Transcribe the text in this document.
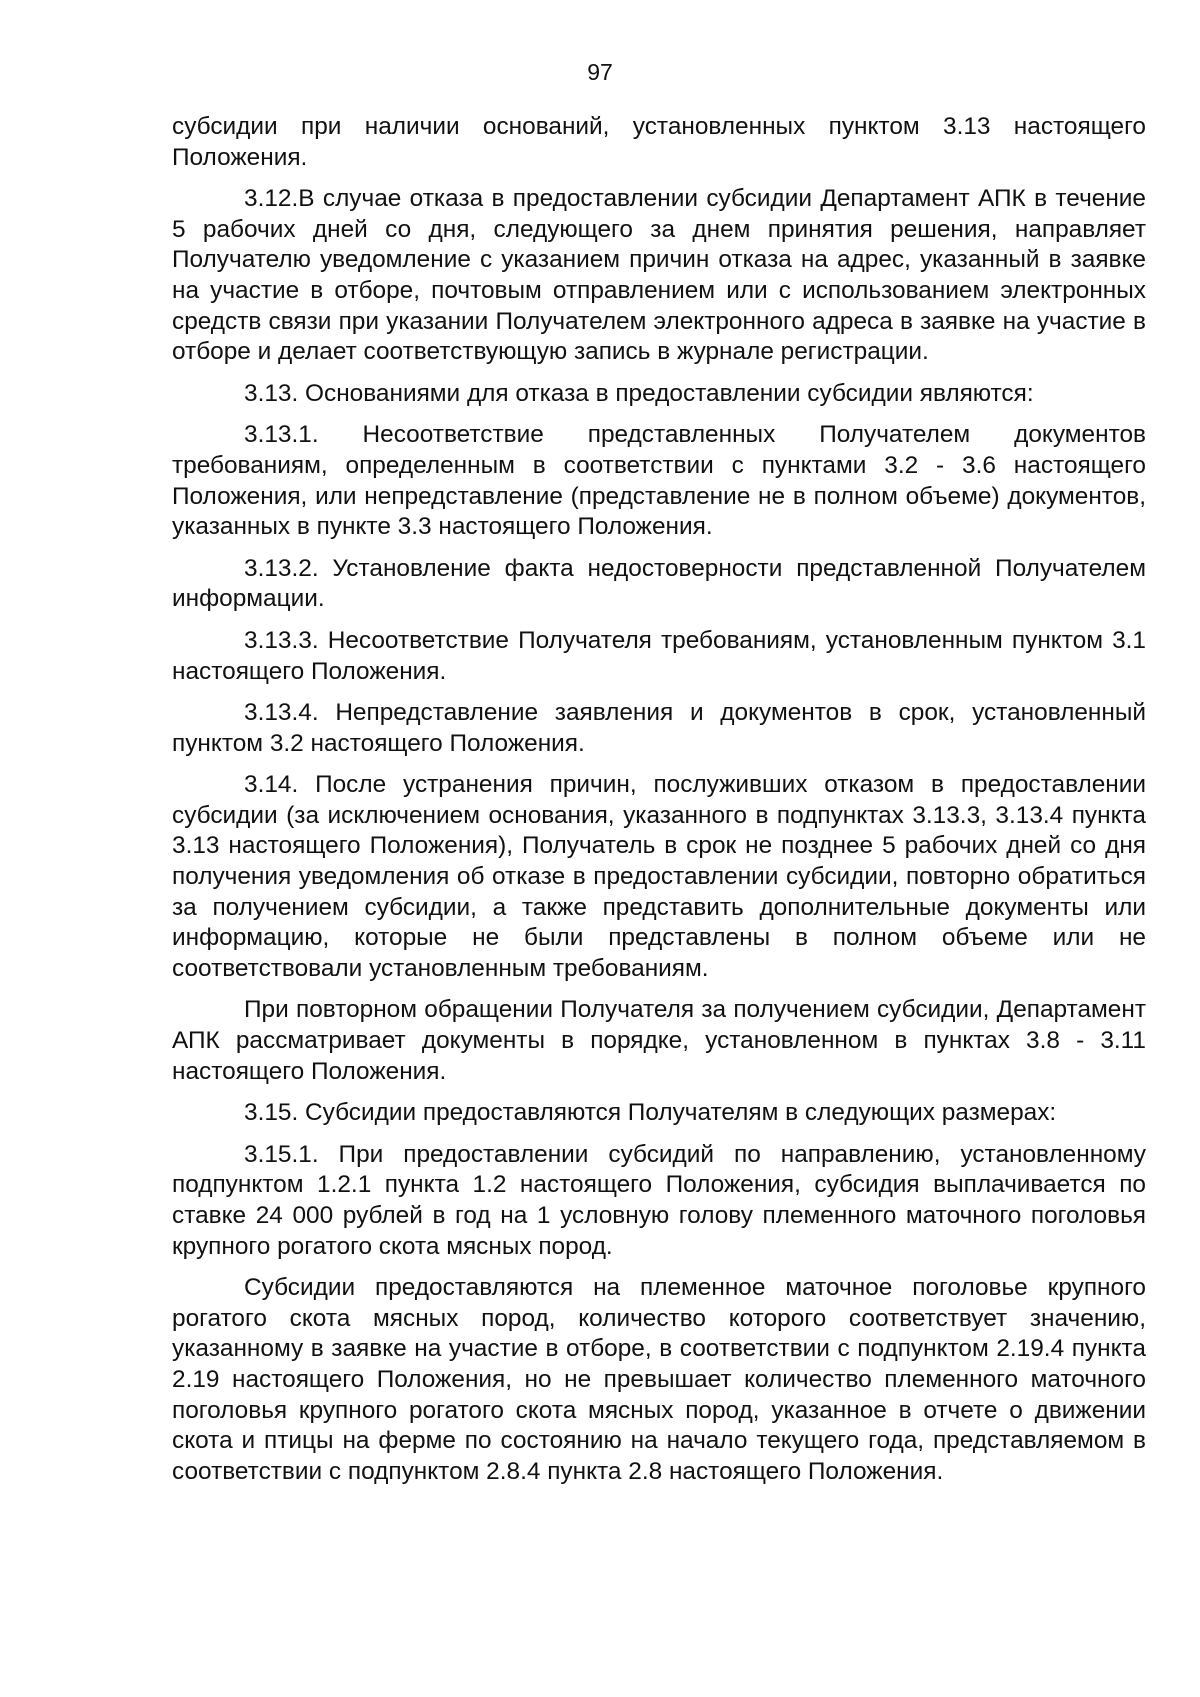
97

субсидии при наличии оснований, установленных пунктом 3.13 настоящего Положения.

3.12.В случае отказа в предоставлении субсидии Департамент АПК в течение 5 рабочих дней со дня, следующего за днем принятия решения, направляет Получателю уведомление с указанием причин отказа на адрес, указанный в заявке на участие в отборе, почтовым отправлением или с использованием электронных средств связи при указании Получателем электронного адреса в заявке на участие в отборе и делает соответствующую запись в журнале регистрации.

3.13. Основаниями для отказа в предоставлении субсидии являются:

3.13.1. Несоответствие представленных Получателем документов требованиям, определенным в соответствии с пунктами 3.2 - 3.6 настоящего Положения, или непредставление (представление не в полном объеме) документов, указанных в пункте 3.3 настоящего Положения.

3.13.2. Установление факта недостоверности представленной Получателем информации.

3.13.3. Несоответствие Получателя требованиям, установленным пунктом 3.1 настоящего Положения.

3.13.4. Непредставление заявления и документов в срок, установленный пунктом 3.2 настоящего Положения.

3.14. После устранения причин, послуживших отказом в предоставлении субсидии (за исключением основания, указанного в подпунктах 3.13.3, 3.13.4 пункта 3.13 настоящего Положения), Получатель в срок не позднее 5 рабочих дней со дня получения уведомления об отказе в предоставлении субсидии, повторно обратиться за получением субсидии, а также представить дополнительные документы или информацию, которые не были представлены в полном объеме или не соответствовали установленным требованиям.

При повторном обращении Получателя за получением субсидии, Департамент АПК рассматривает документы в порядке, установленном в пунктах 3.8 - 3.11 настоящего Положения.

3.15. Субсидии предоставляются Получателям в следующих размерах:

3.15.1. При предоставлении субсидий по направлению, установленному подпунктом 1.2.1 пункта 1.2 настоящего Положения, субсидия выплачивается по ставке 24 000 рублей в год на 1 условную голову племенного маточного поголовья крупного рогатого скота мясных пород.

Субсидии предоставляются на племенное маточное поголовье крупного рогатого скота мясных пород, количество которого соответствует значению, указанному в заявке на участие в отборе, в соответствии с подпунктом 2.19.4 пункта 2.19 настоящего Положения, но не превышает количество племенного маточного поголовья крупного рогатого скота мясных пород, указанное в отчете о движении скота и птицы на ферме по состоянию на начало текущего года, представляемом в соответствии с подпунктом 2.8.4 пункта 2.8 настоящего Положения.
